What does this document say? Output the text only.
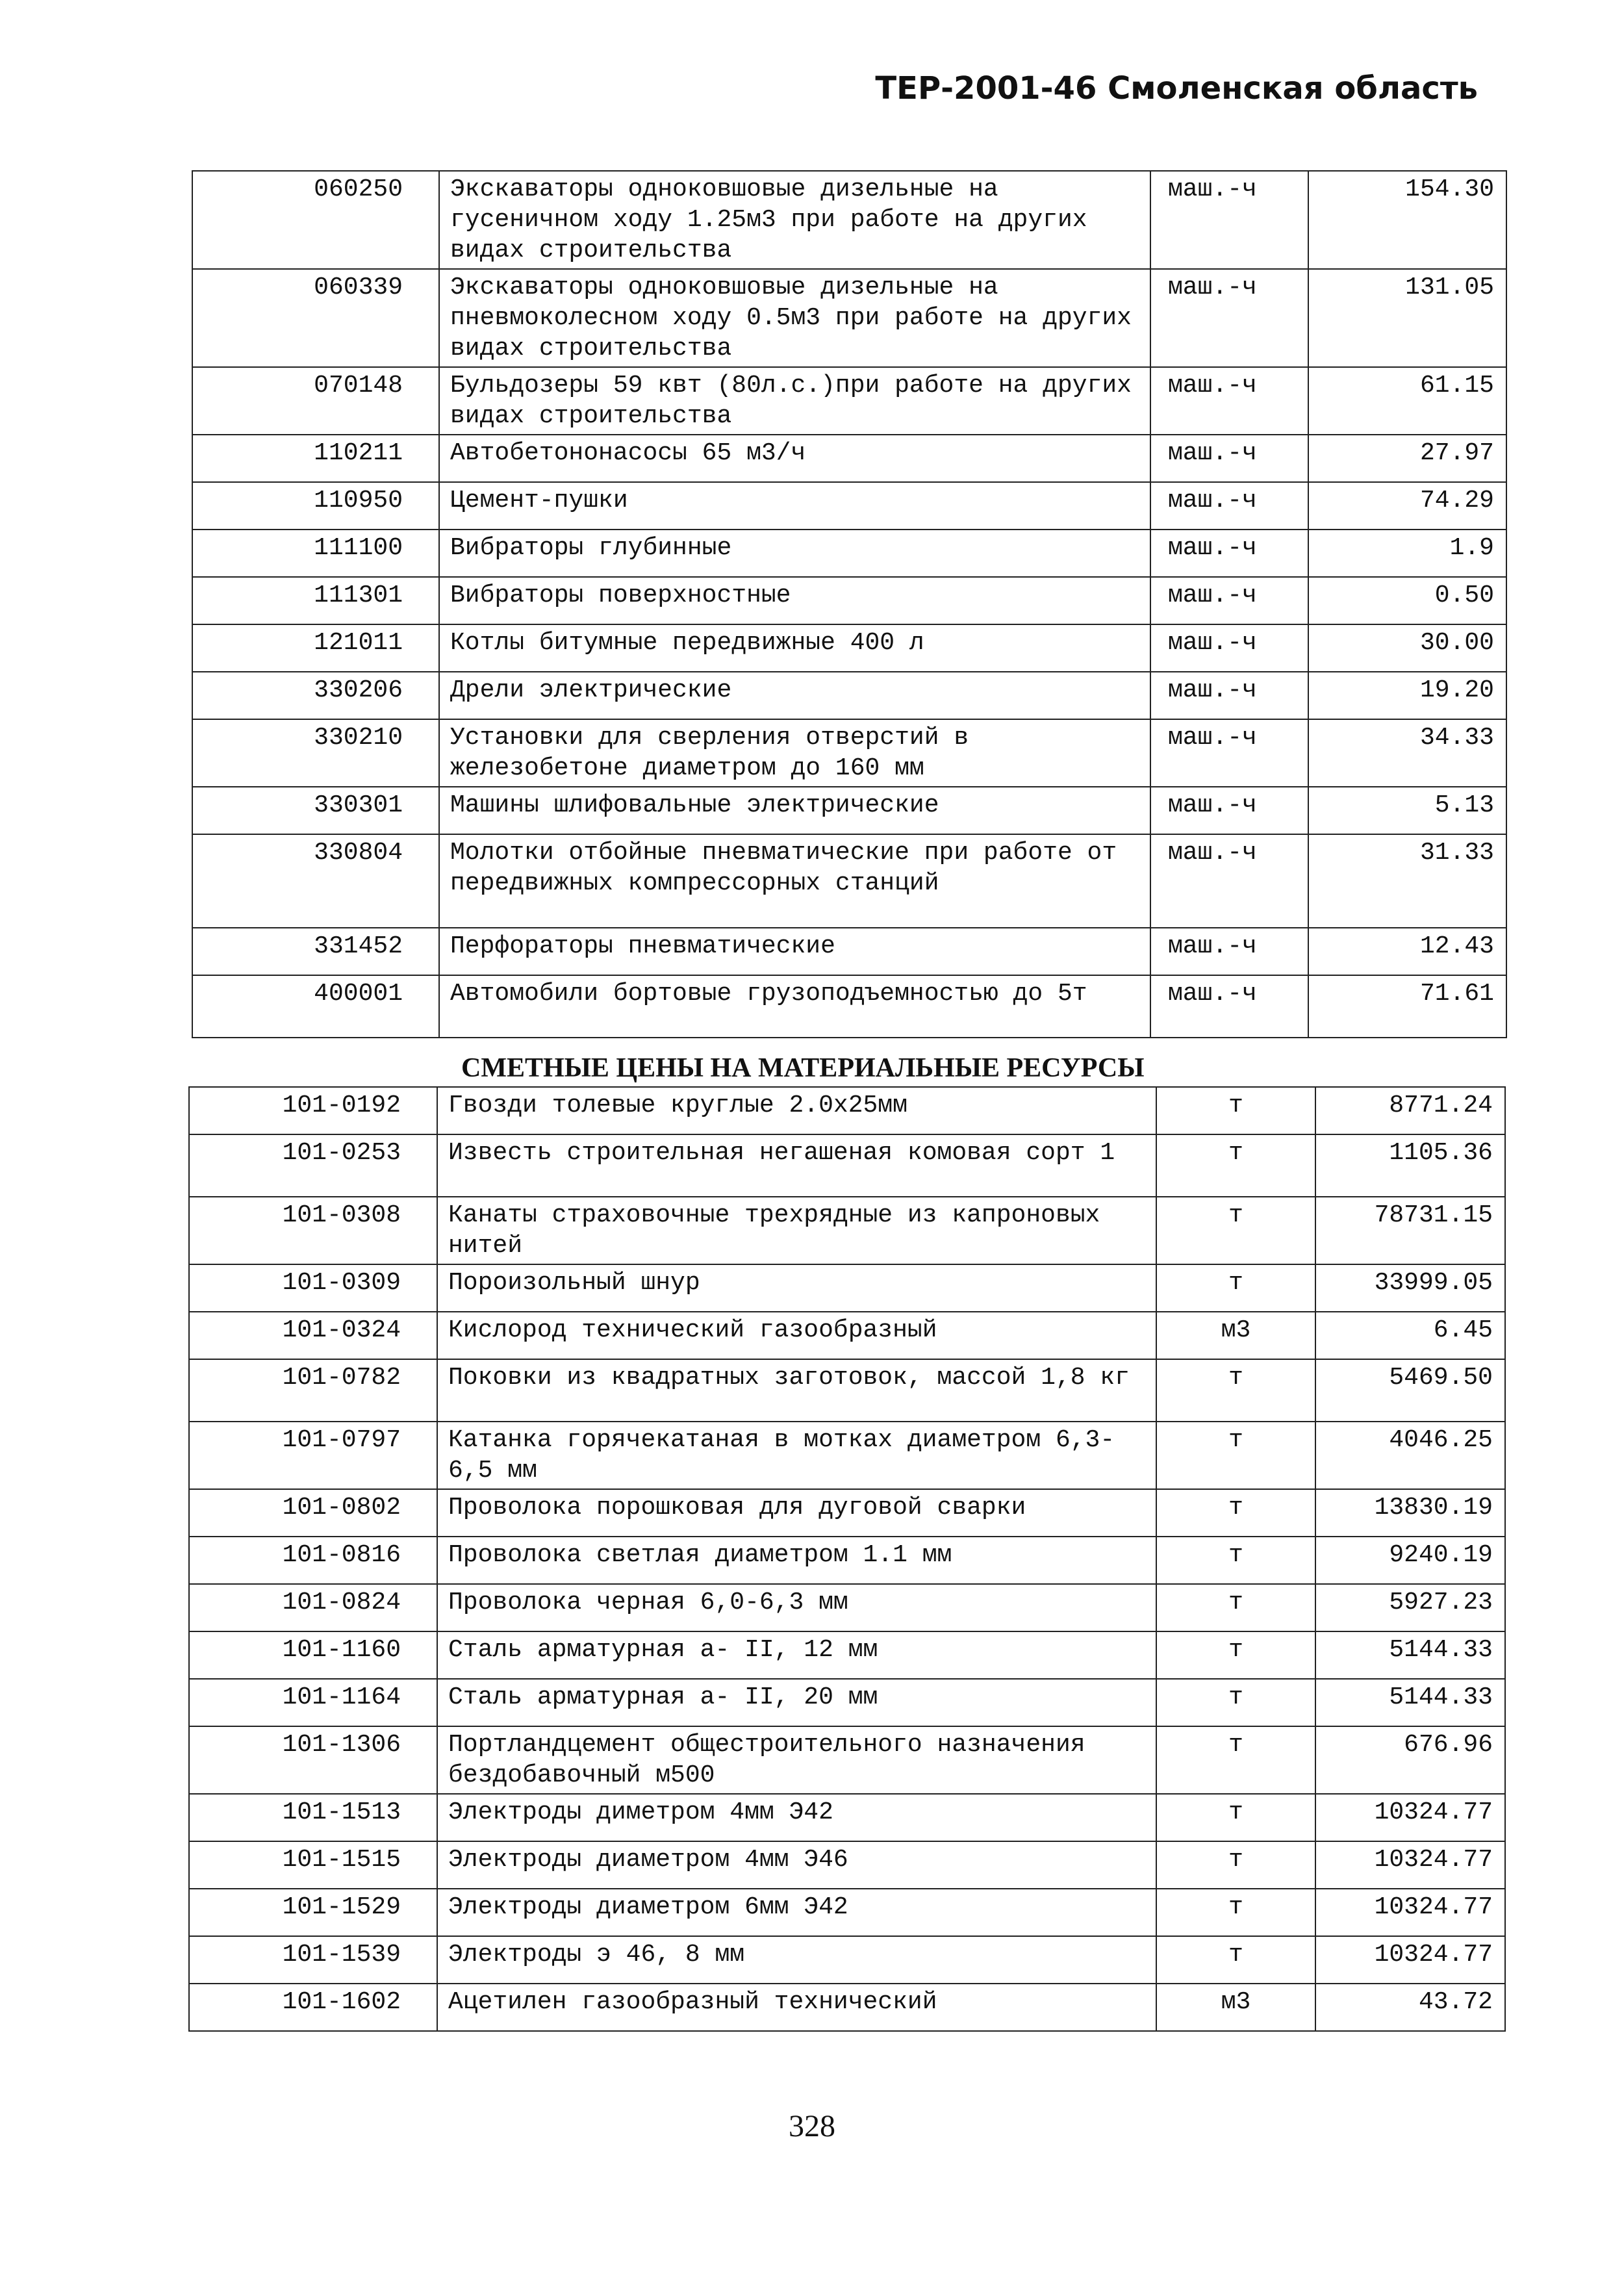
ТЕР-2001-46 Смоленская область
060250	Экскаваторы одноковшовые дизельные на гусеничном ходу 1.25м3 при работе на других видах строительства	маш.-ч	154.30
060339	Экскаваторы одноковшовые дизельные на пневмоколесном ходу 0.5м3 при работе на других видах строительства	маш.-ч	131.05
070148	Бульдозеры 59 квт (80л.с.)при работе на других видах строительства	маш.-ч	61.15
110211	Автобетононасосы 65 м3/ч	маш.-ч	27.97
110950	Цемент-пушки	маш.-ч	74.29
111100	Вибраторы глубинные	маш.-ч	1.9
111301	Вибраторы поверхностные	маш.-ч	0.50
121011	Котлы битумные передвижные 400 л	маш.-ч	30.00
330206	Дрели электрические	маш.-ч	19.20
330210	Установки для сверления отверстий в железобетоне диаметром до 160 мм	маш.-ч	34.33
330301	Машины шлифовальные электрические	маш.-ч	5.13
330804	Молотки отбойные пневматические при работе от передвижных компрессорных станций	маш.-ч	31.33
331452	Перфораторы пневматические	маш.-ч	12.43
400001	Автомобили бортовые грузоподъемностью до 5т	маш.-ч	71.61
СМЕТНЫЕ ЦЕНЫ НА МАТЕРИАЛЬНЫЕ РЕСУРСЫ
101-0192	Гвозди толевые круглые 2.0х25мм	т	8771.24
101-0253	Известь строительная негашеная комовая сорт 1	т	1105.36
101-0308	Канаты страховочные трехрядные из капроновых нитей	т	78731.15
101-0309	Пороизольный шнур	т	33999.05
101-0324	Кислород технический газообразный	м3	6.45
101-0782	Поковки из квадратных заготовок, массой 1,8 кг	т	5469.50
101-0797	Катанка горячекатаная в мотках диаметром 6,3-6,5 мм	т	4046.25
101-0802	Проволока порошковая для дуговой сварки	т	13830.19
101-0816	Проволока светлая диаметром 1.1 мм	т	9240.19
101-0824	Проволока черная 6,0-6,3 мм	т	5927.23
101-1160	Сталь арматурная а- II, 12 мм	т	5144.33
101-1164	Сталь арматурная а- II, 20 мм	т	5144.33
101-1306	Портландцемент общестроительного назначения бездобавочный м500	т	676.96
101-1513	Электроды диметром 4мм Э42	т	10324.77
101-1515	Электроды диаметром 4мм Э46	т	10324.77
101-1529	Электроды диаметром 6мм Э42	т	10324.77
101-1539	Электроды э 46, 8 мм	т	10324.77
101-1602	Ацетилен газообразный технический	м3	43.72
328
